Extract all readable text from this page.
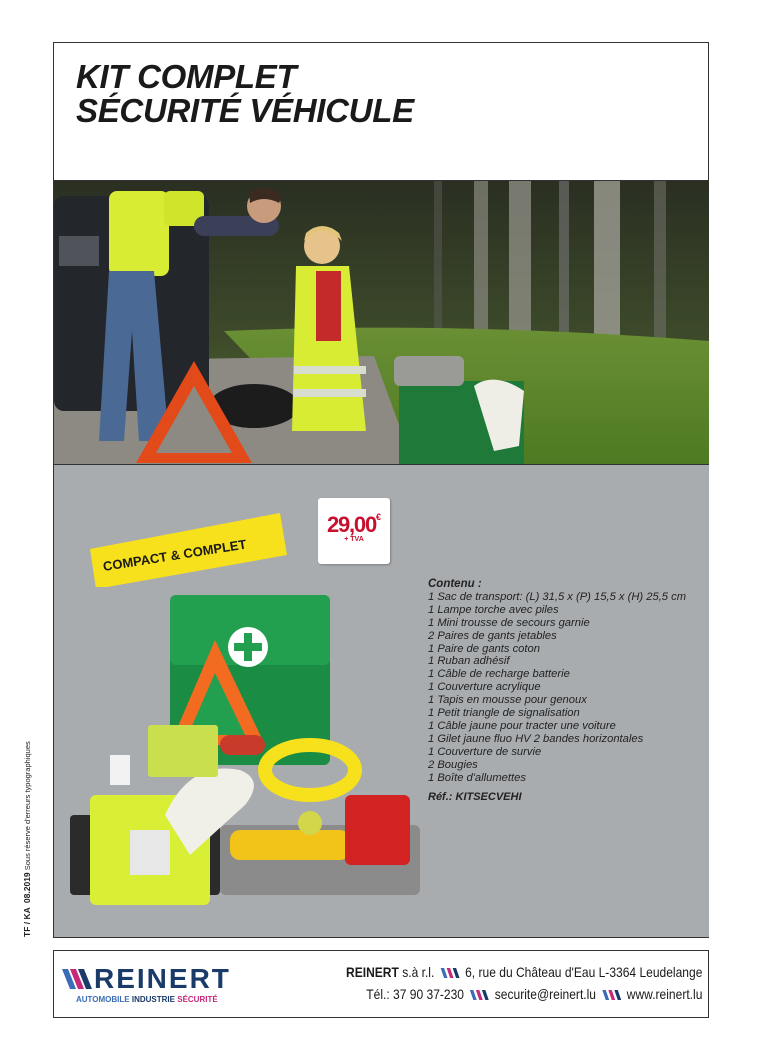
KIT COMPLET
SÉCURITÉ VÉHICULE
COMPACT & COMPLET
29,00€
+ TVA
Contenu :
1 Sac de transport: (L) 31,5 x (P) 15,5 x (H) 25,5 cm
1 Lampe torche avec piles
1 Mini trousse de secours garnie
2 Paires de gants jetables
1 Paire de gants coton
1 Ruban adhésif
1 Câble de recharge batterie
1 Couverture acrylique
1 Tapis en mousse pour genoux
1 Petit triangle de signalisation
1 Câble jaune pour tracter une voiture
1 Gilet jaune fluo HV 2 bandes horizontales
1 Couverture de survie
2 Bougies
1 Boîte d'allumettes
Réf.: KITSECVEHI
TF / KA  08.2019 Sous réserve d'erreurs typographiques
REINERT
AUTOMOBILE INDUSTRIE SÉCURITÉ
REINERT s.à r.l. 6, rue du Château d'Eau L-3364 Leudelange
Tél.: 37 90 37-230 securite@reinert.lu www.reinert.lu
